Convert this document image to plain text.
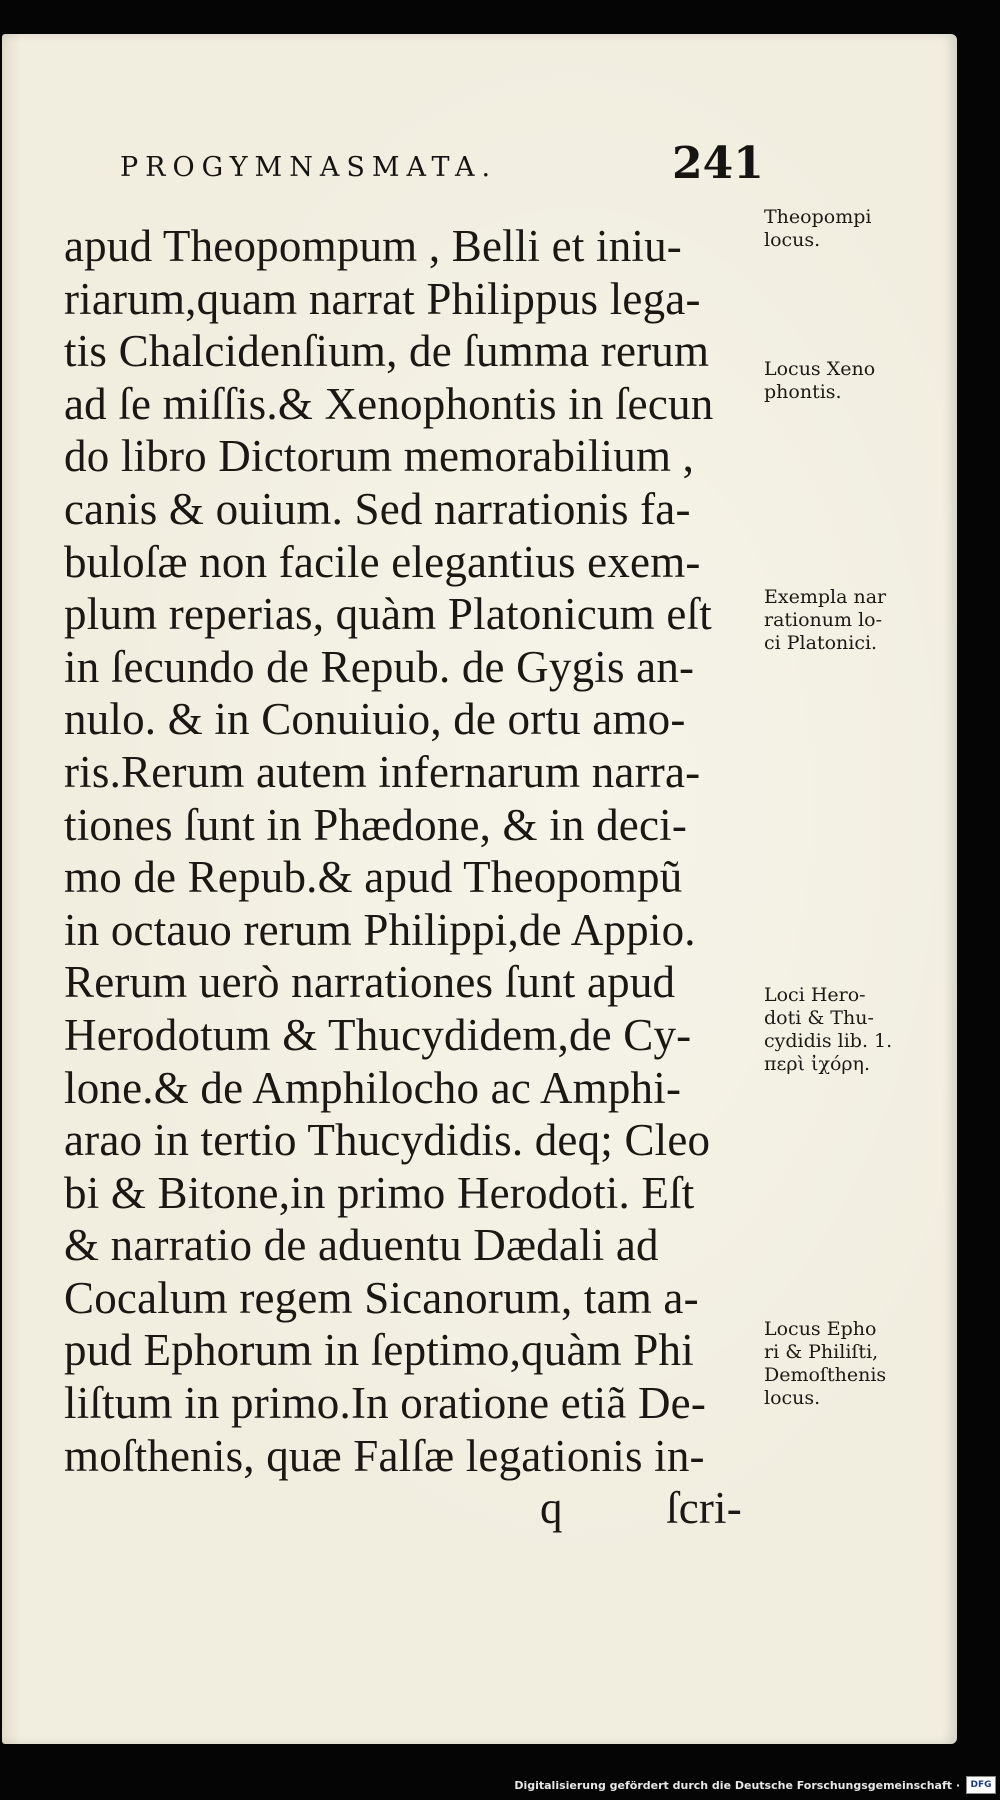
PROGYMNASMATA.	241
apud Theopompum , Belli et iniu-
riarum,quam narrat Philippus lega-
tis Chalcidenſium, de ſumma rerum
ad ſe miſſis.& Xenophontis in ſecun
do libro Dictorum memorabilium ,
canis & ouium. Sed narrationis fa-
buloſæ non facile elegantius exem-
plum reperias, quàm Platonicum eſt
in ſecundo de Repub. de Gygis an-
nulo. & in Conuiuio, de ortu amo-
ris.Rerum autem infernarum narra-
tiones ſunt in Phædone, & in deci-
mo de Repub.& apud Theopompũ
in octauo rerum Philippi,de Appio.
Rerum uerò narrationes ſunt apud
Herodotum & Thucydidem,de Cy-
lone.& de Amphilocho ac Amphi-
arao in tertio Thucydidis. deq; Cleo
bi & Bitone,in primo Herodoti. Eſt
& narratio de aduentu Dædali ad
Cocalum regem Sicanorum, tam a-
pud Ephorum in ſeptimo,quàm Phi
liſtum in primo.In oratione etiã De-
moſthenis, quæ Falſæ legationis in-
q ſcri-
Theopompi
locus.
Locus Xeno
phontis.
Exempla nar
rationum lo-
ci Platonici.
Loci Hero-
doti & Thu-
cydidis lib. 1.
περὶ ἰχόρη.
Locus Epho
ri & Philiſti,
Demoſthenis
locus.
Digitalisierung gefördert durch die Deutsche Forschungsgemeinschaft · DFG
